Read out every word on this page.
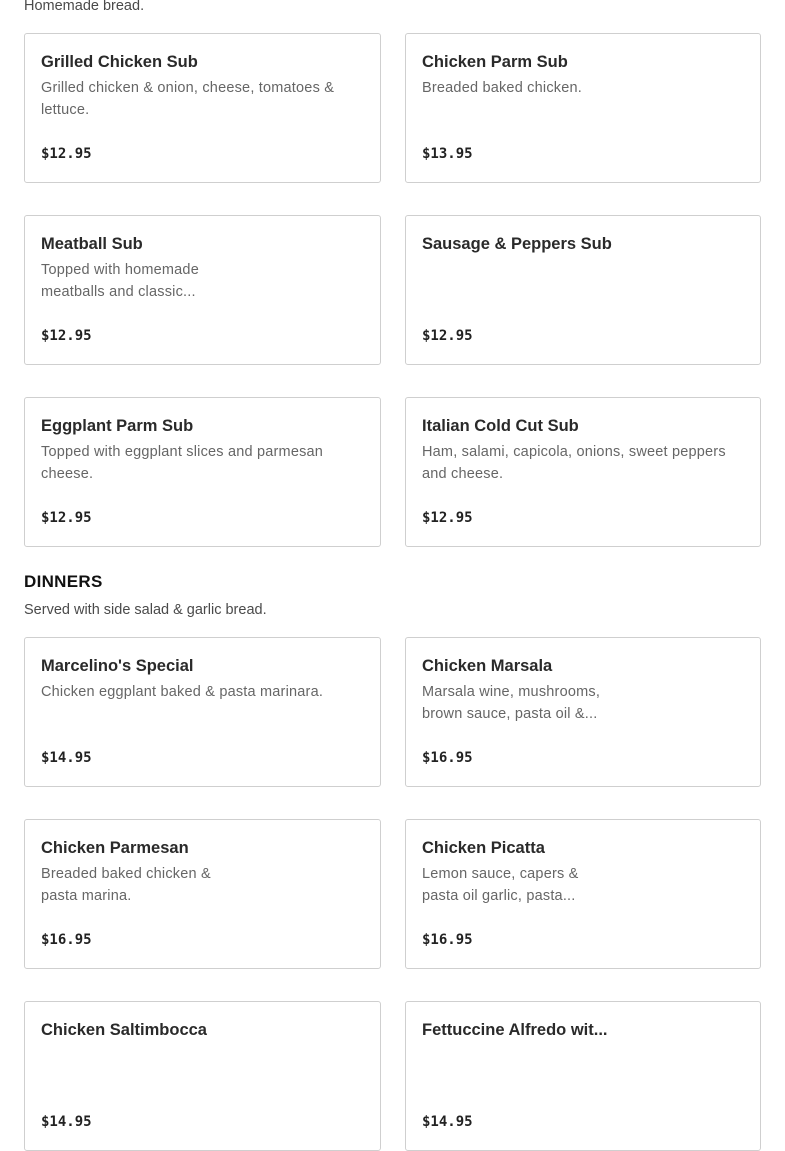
Homemade bread.
Grilled Chicken Sub
Grilled chicken & onion, cheese, tomatoes & lettuce.
$12.95
Chicken Parm Sub
Breaded baked chicken.
$13.95
Meatball Sub
Topped with homemade meatballs and classic...
$12.95
Sausage & Peppers Sub
$12.95
Eggplant Parm Sub
Topped with eggplant slices and parmesan cheese.
$12.95
Italian Cold Cut Sub
Ham, salami, capicola, onions, sweet peppers and cheese.
$12.95
DINNERS
Served with side salad & garlic bread.
Marcelino's Special
Chicken eggplant baked & pasta marinara.
$14.95
Chicken Marsala
Marsala wine, mushrooms, brown sauce, pasta oil &...
$16.95
Chicken Parmesan
Breaded baked chicken & pasta marina.
$16.95
Chicken Picatta
Lemon sauce, capers & pasta oil garlic, pasta...
$16.95
Chicken Saltimbocca
$14.95
Fettuccine Alfredo wit...
$14.95
